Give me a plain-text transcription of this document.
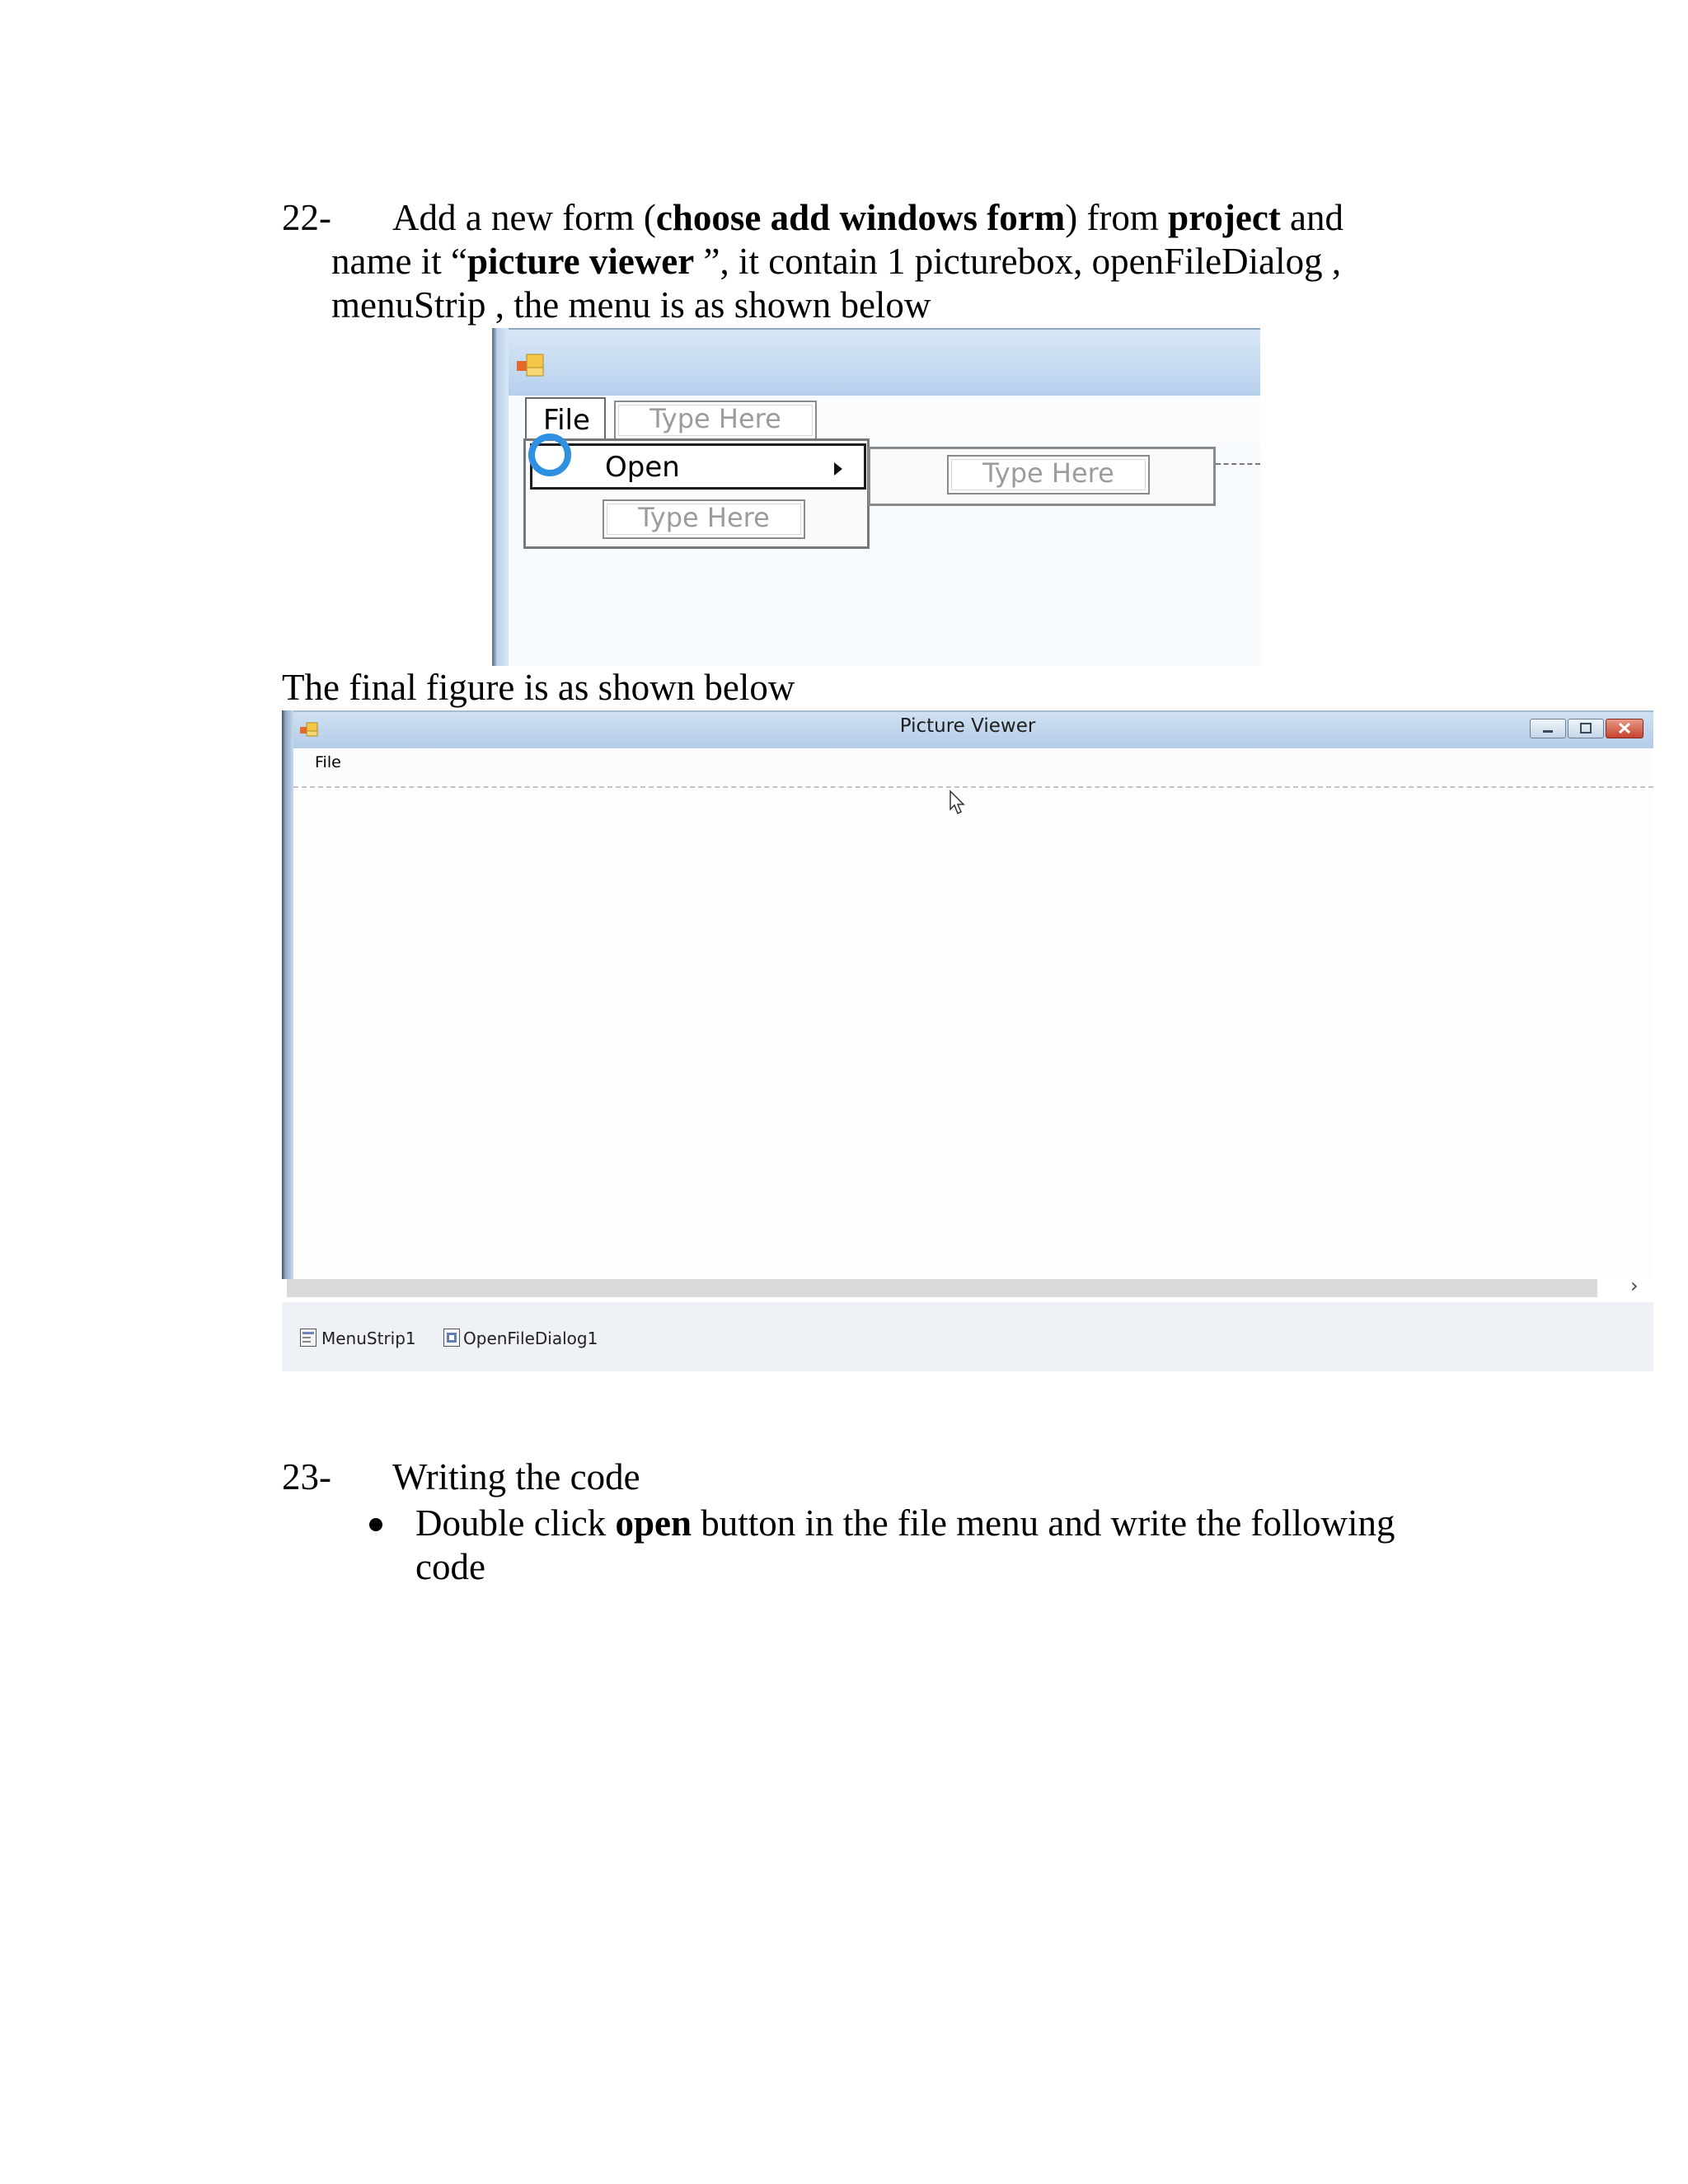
22- Add a new form (choose add windows form) from project and
name it “picture viewer ”, it contain 1 picturebox, openFileDialog ,
menuStrip , the menu is as shown below
File	Type Here
Open
Type Here
Type Here
The final figure is as shown below
Picture Viewer
File
›
MenuStrip1	OpenFileDialog1
23- Writing the code
Double click open button in the file menu and write the following
code
